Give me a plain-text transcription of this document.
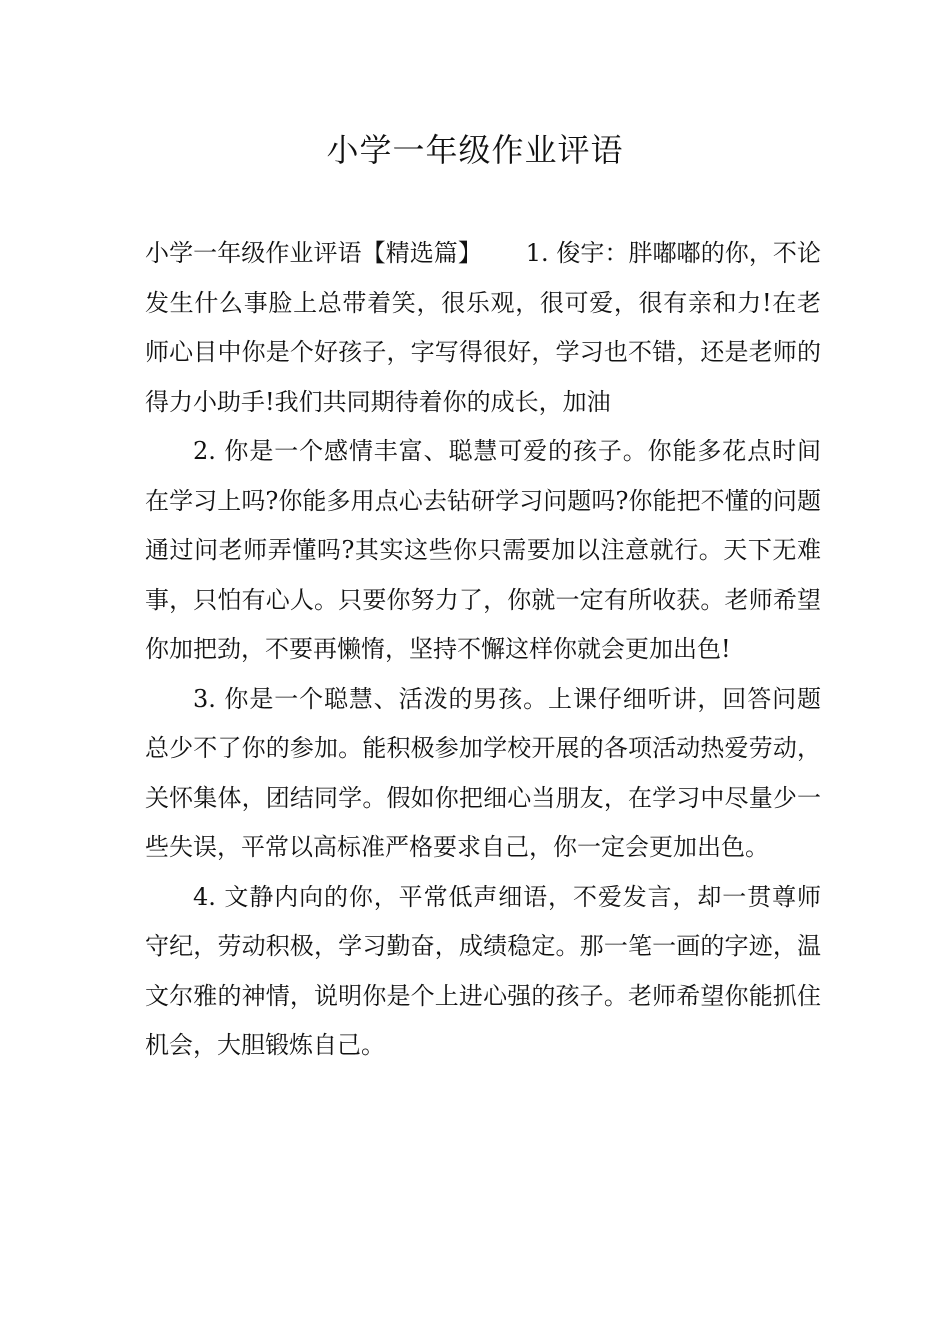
小学一年级作业评语

小学一年级作业评语【精选篇】　　 1. 俊宇：胖嘟嘟的你，不论发生什么事脸上总带着笑，很乐观，很可爱，很有亲和力!在老师心目中你是个好孩子，字写得很好，学习也不错，还是老师的得力小助手!我们共同期待着你的成长，加油

2. 你是一个感情丰富、聪慧可爱的孩子。你能多花点时间在学习上吗?你能多用点心去钻研学习问题吗?你能把不懂的问题通过问老师弄懂吗?其实这些你只需要加以注意就行。天下无难事，只怕有心人。只要你努力了，你就一定有所收获。老师希望你加把劲，不要再懒惰，坚持不懈这样你就会更加出色!

3. 你是一个聪慧、活泼的男孩。上课仔细听讲，回答问题总少不了你的参加。能积极参加学校开展的各项活动热爱劳动，关怀集体，团结同学。假如你把细心当朋友，在学习中尽量少一些失误，平常以高标准严格要求自己，你一定会更加出色。

4. 文静内向的你，平常低声细语，不爱发言，却一贯尊师守纪，劳动积极，学习勤奋，成绩稳定。那一笔一画的字迹，温文尔雅的神情，说明你是个上进心强的孩子。老师希望你能抓住机会，大胆锻炼自己。
